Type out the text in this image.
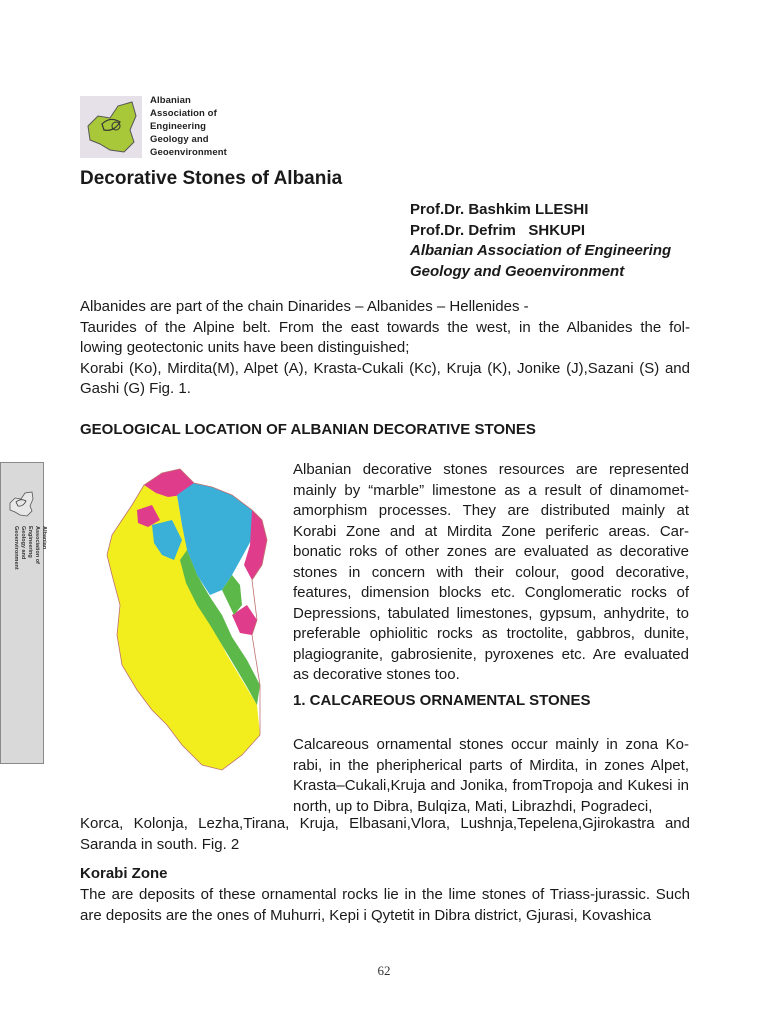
Albanian
Association of
Engineering
Geology and
Geoenvironment
Decorative Stones of Albania
Prof.Dr. Bashkim LLESHI
Prof.Dr. Defrim   SHKUPI
Albanian Association of Engineering
Geology and Geoenvironment
Albanides are part of the chain Dinarides – Albanides – Hellenides -
Taurides of the Alpine belt. From the east towards the west, in the Albanides the fol-
lowing geotectonic units have been distinguished;
Korabi (Ko), Mirdita(M), Alpet (A), Krasta-Cukali (Kc), Kruja (K), Jonike (J),Sazani (S) and
Gashi (G) Fig. 1.
GEOLOGICAL LOCATION OF ALBANIAN DECORATIVE STONES
Albanian
Association of
Engineering
Geology and
Geoenvironment
Albanian decorative stones resources are represented mainly by “marble” limestone as a result of dinamomet-amorphism processes. They are distributed mainly at Korabi Zone and at Mirdita Zone periferic areas. Car-bonatic roks of other zones are evaluated as decorative stones in concern with their colour, good decorative, features, dimension blocks etc. Conglomeratic rocks of Depressions, tabulated limestones, gypsum, anhydrite, to preferable ophiolitic rocks as troctolite, gabbros, dunite, plagiogranite, gabrosienite, pyroxenes etc. Are evaluated as decorative stones too.
1. CALCAREOUS ORNAMENTAL STONES
Calcareous ornamental stones occur mainly in zona Ko-rabi, in the pheripherical parts of Mirdita, in zones Alpet, Krasta–Cukali,Kruja and Jonika, fromTropoja and Kukesi in north, up to Dibra, Bulqiza, Mati, Librazhdi, Pogradeci,
Korca, Kolonja, Lezha,Tirana, Kruja, Elbasani,Vlora, Lushnja,Tepelena,Gjirokastra and Saranda in south. Fig. 2
Korabi Zone
The are deposits of these ornamental rocks lie in the lime stones of Triass-jurassic. Such are deposits are the ones of Muhurri, Kepi i Qytetit in Dibra district, Gjurasi, Kovashica
62
